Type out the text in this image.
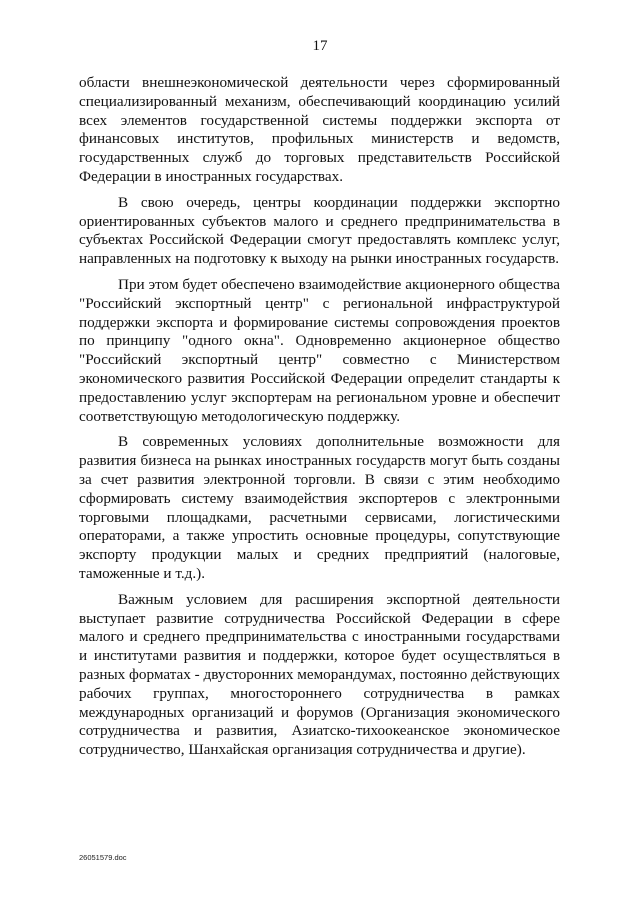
17

области внешнеэкономической деятельности через сформированный специализированный механизм, обеспечивающий координацию усилий всех элементов государственной системы поддержки экспорта от финансовых институтов, профильных министерств и ведомств, государственных служб до торговых представительств Российской Федерации в иностранных государствах.

В свою очередь, центры координации поддержки экспортно ориентированных субъектов малого и среднего предпринимательства в субъектах Российской Федерации смогут предоставлять комплекс услуг, направленных на подготовку к выходу на рынки иностранных государств.

При этом будет обеспечено взаимодействие акционерного общества "Российский экспортный центр" с региональной инфраструктурой поддержки экспорта и формирование системы сопровождения проектов по принципу "одного окна". Одновременно акционерное общество "Российский экспортный центр" совместно с Министерством экономического развития Российской Федерации определит стандарты к предоставлению услуг экспортерам на региональном уровне и обеспечит соответствующую методологическую поддержку.

В современных условиях дополнительные возможности для развития бизнеса на рынках иностранных государств могут быть созданы за счет развития электронной торговли. В связи с этим необходимо сформировать систему взаимодействия экспортеров с электронными торговыми площадками, расчетными сервисами, логистическими операторами, а также упростить основные процедуры, сопутствующие экспорту продукции малых и средних предприятий (налоговые, таможенные и т.д.).

Важным условием для расширения экспортной деятельности выступает развитие сотрудничества Российской Федерации в сфере малого и среднего предпринимательства с иностранными государствами и институтами развития и поддержки, которое будет осуществляться в разных форматах - двусторонних меморандумах, постоянно действующих рабочих группах, многостороннего сотрудничества в рамках международных организаций и форумов (Организация экономического сотрудничества и развития, Азиатско-тихоокеанское экономическое сотрудничество, Шанхайская организация сотрудничества и другие).

26051579.doc
